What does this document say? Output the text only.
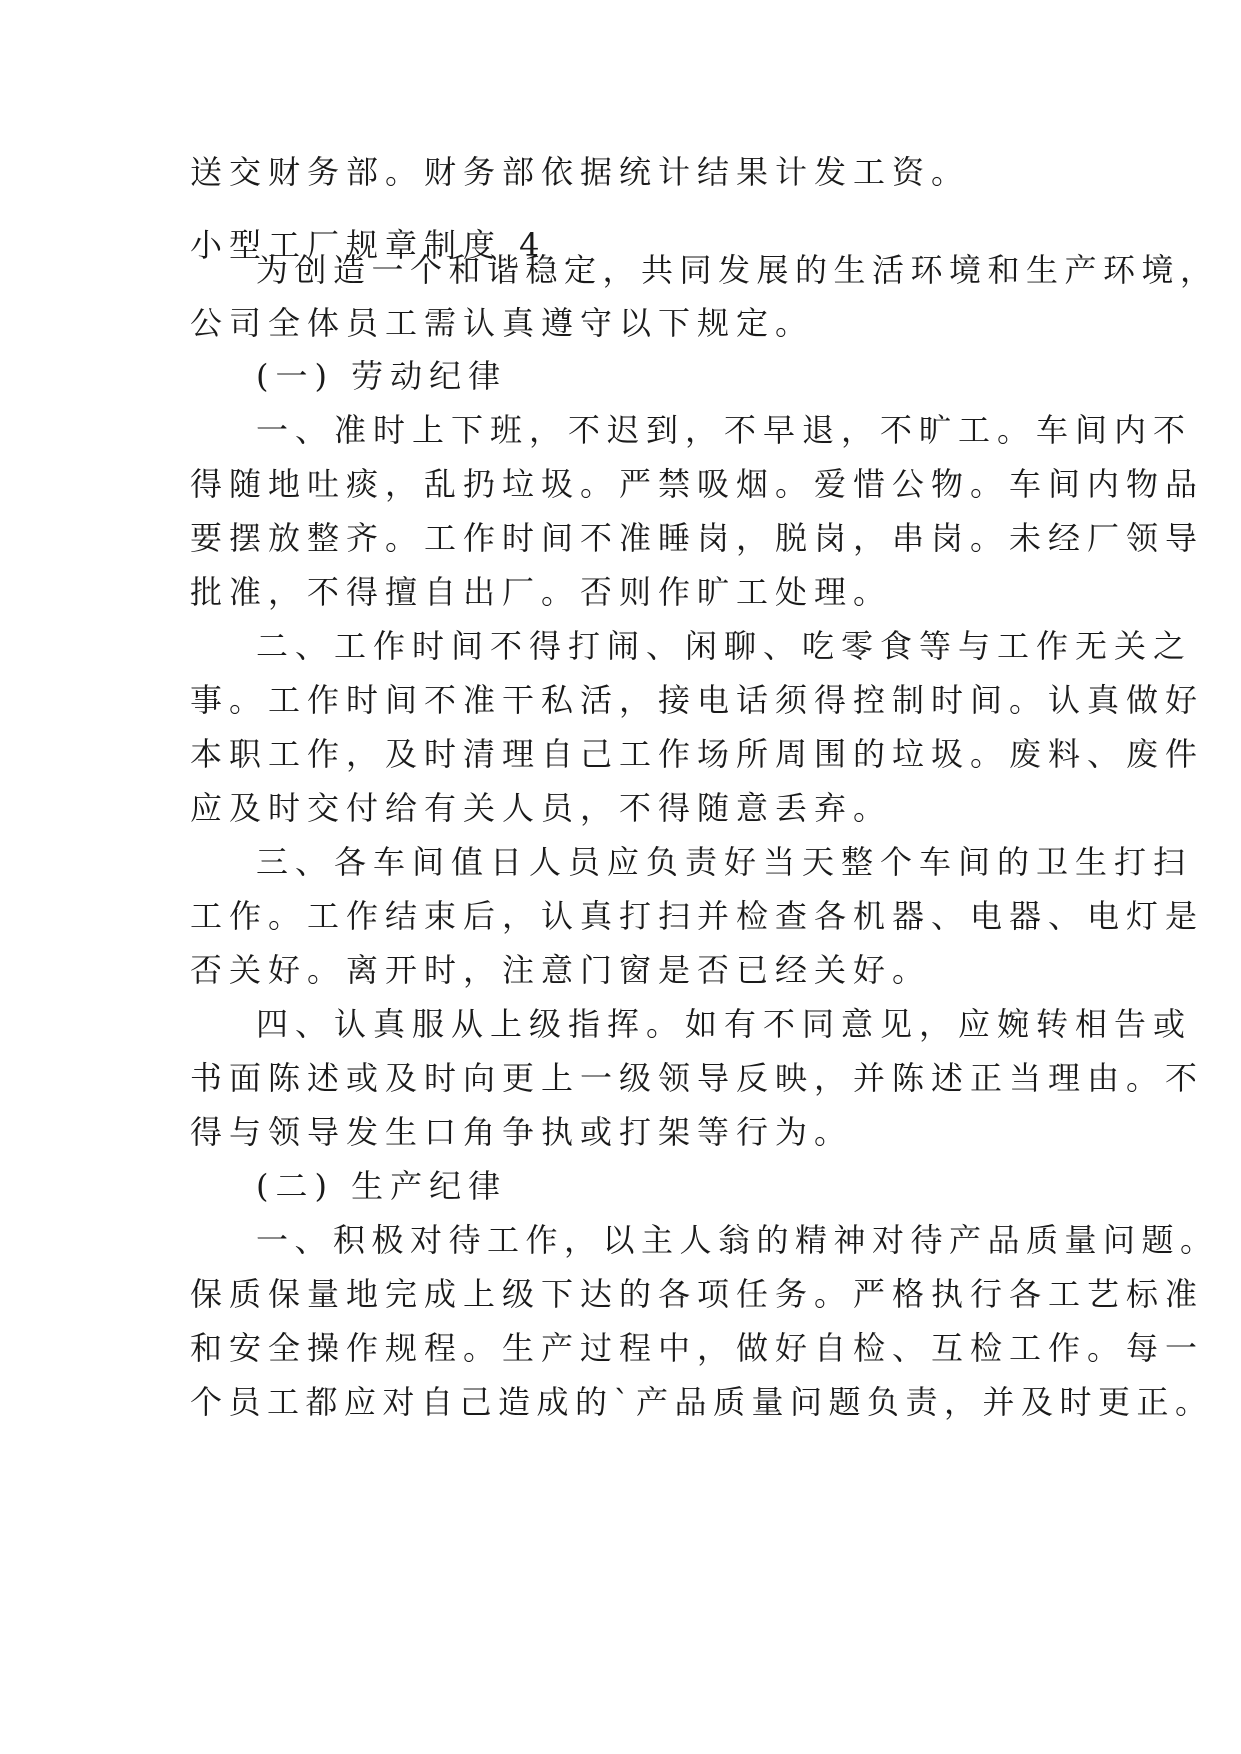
送交财务部。财务部依据统计结果计发工资。
小型工厂规章制度 4
为创造一个和谐稳定，共同发展的生活环境和生产环境，
公司全体员工需认真遵守以下规定。
(一) 劳动纪律
一、准时上下班，不迟到，不早退，不旷工。车间内不
得随地吐痰，乱扔垃圾。严禁吸烟。爱惜公物。车间内物品
要摆放整齐。工作时间不准睡岗，脱岗，串岗。未经厂领导
批准，不得擅自出厂。否则作旷工处理。
二、工作时间不得打闹、闲聊、吃零食等与工作无关之
事。工作时间不准干私活，接电话须得控制时间。认真做好
本职工作，及时清理自己工作场所周围的垃圾。废料、废件
应及时交付给有关人员，不得随意丢弃。
三、各车间值日人员应负责好当天整个车间的卫生打扫
工作。工作结束后，认真打扫并检查各机器、电器、电灯是
否关好。离开时，注意门窗是否已经关好。
四、认真服从上级指挥。如有不同意见，应婉转相告或
书面陈述或及时向更上一级领导反映，并陈述正当理由。不
得与领导发生口角争执或打架等行为。
(二) 生产纪律
一、积极对待工作，以主人翁的精神对待产品质量问题。
保质保量地完成上级下达的各项任务。严格执行各工艺标准
和安全操作规程。生产过程中，做好自检、互检工作。每一
个员工都应对自己造成的`产品质量问题负责，并及时更正。
